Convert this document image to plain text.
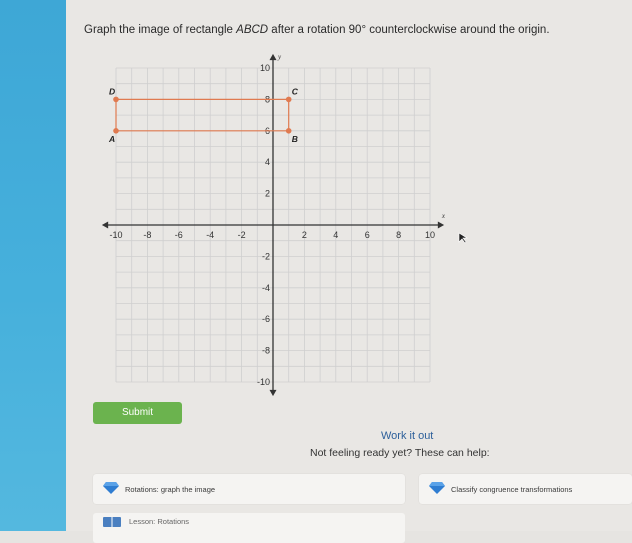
Graph the image of rectangle ABCD after a rotation 90° counterclockwise around the origin.
x
y
-10 -8	-6	-4	-2	2	4	6	8	10
10
8
6
4
2
-2
-4
-6
-8
-10
A	B
C
D
Submit
Work it out
Not feeling ready yet? These can help:
Rotations: graph the image	Classify congruence transformations
Lesson: Rotations
